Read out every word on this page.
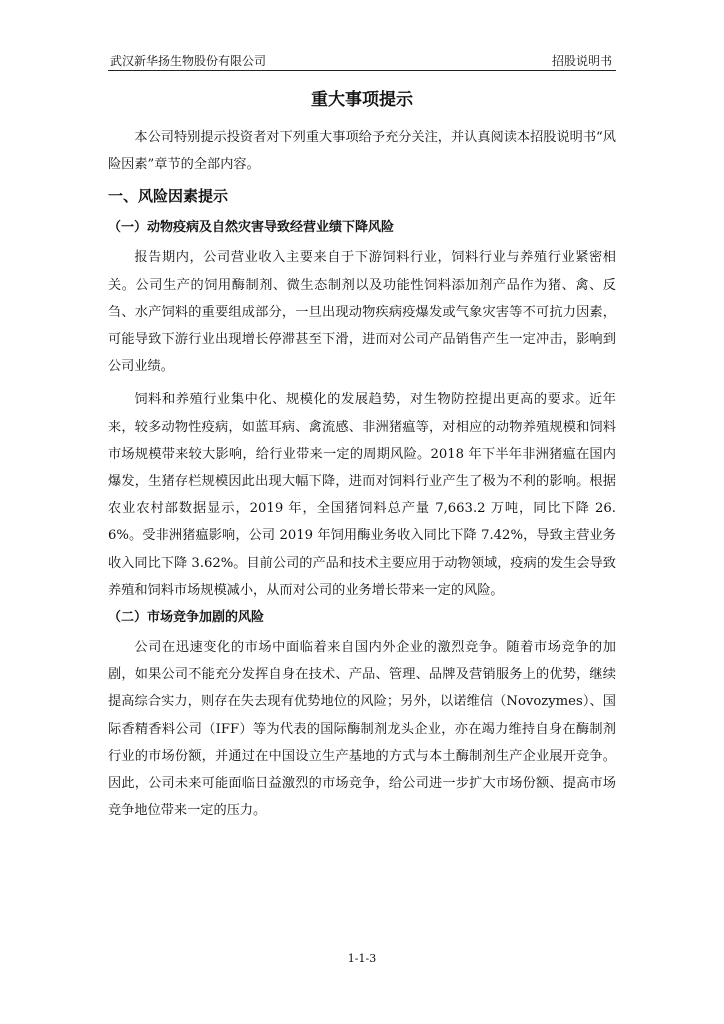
武汉新华扬生物股份有限公司	招股说明书
重大事项提示

本公司特别提示投资者对下列重大事项给予充分关注，并认真阅读本招股说明书“风险因素”章节的全部内容。

一、风险因素提示
（一）动物疫病及自然灾害导致经营业绩下降风险

报告期内，公司营业收入主要来自于下游饲料行业，饲料行业与养殖行业紧密相关。公司生产的饲用酶制剂、微生态制剂以及功能性饲料添加剂产品作为猪、禽、反刍、水产饲料的重要组成部分，一旦出现动物疾病疫爆发或气象灾害等不可抗力因素，可能导致下游行业出现增长停滞甚至下滑，进而对公司产品销售产生一定冲击，影响到公司业绩。

饲料和养殖行业集中化、规模化的发展趋势，对生物防控提出更高的要求。近年来，较多动物性疫病，如蓝耳病、禽流感、非洲猪瘟等，对相应的动物养殖规模和饲料市场规模带来较大影响，给行业带来一定的周期风险。2018 年下半年非洲猪瘟在国内爆发，生猪存栏规模因此出现大幅下降，进而对饲料行业产生了极为不利的影响。根据农业农村部数据显示，2019 年，全国猪饲料总产量 7,663.2 万吨，同比下降 26.6%。受非洲猪瘟影响，公司 2019 年饲用酶业务收入同比下降 7.42%，导致主营业务收入同比下降 3.62%。目前公司的产品和技术主要应用于动物领域，疫病的发生会导致养殖和饲料市场规模减小，从而对公司的业务增长带来一定的风险。

（二）市场竞争加剧的风险

公司在迅速变化的市场中面临着来自国内外企业的激烈竞争。随着市场竞争的加剧，如果公司不能充分发挥自身在技术、产品、管理、品牌及营销服务上的优势，继续提高综合实力，则存在失去现有优势地位的风险；另外，以诺维信（Novozymes）、国际香精香料公司（IFF）等为代表的国际酶制剂龙头企业，亦在竭力维持自身在酶制剂行业的市场份额，并通过在中国设立生产基地的方式与本土酶制剂生产企业展开竞争。因此，公司未来可能面临日益激烈的市场竞争，给公司进一步扩大市场份额、提高市场竞争地位带来一定的压力。

1-1-3
